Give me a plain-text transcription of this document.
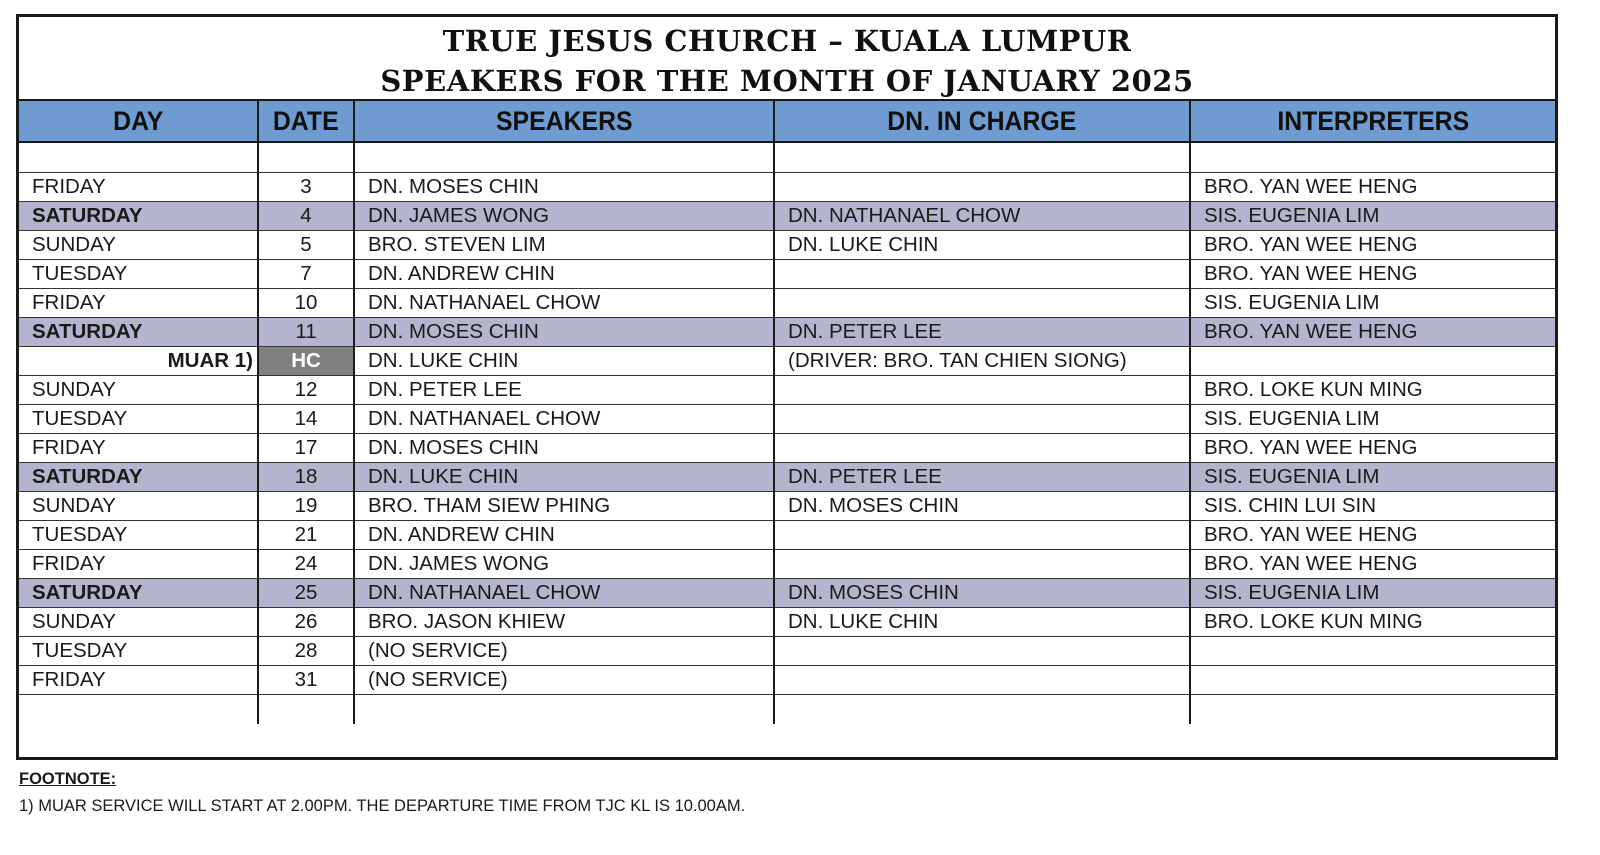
TRUE JESUS CHURCH – KUALA LUMPUR
SPEAKERS FOR THE MONTH OF JANUARY 2025
DAY	DATE	SPEAKERS	DN. IN CHARGE	INTERPRETERS

FRIDAY	3	DN. MOSES CHIN		BRO. YAN WEE HENG
SATURDAY	4	DN. JAMES WONG	DN. NATHANAEL CHOW	SIS. EUGENIA LIM
SUNDAY	5	BRO. STEVEN LIM	DN. LUKE CHIN	BRO. YAN WEE HENG
TUESDAY	7	DN. ANDREW CHIN		BRO. YAN WEE HENG
FRIDAY	10	DN. NATHANAEL CHOW		SIS. EUGENIA LIM
SATURDAY	11	DN. MOSES CHIN	DN. PETER LEE	BRO. YAN WEE HENG
MUAR 1)	HC	DN. LUKE CHIN	(DRIVER: BRO. TAN CHIEN SIONG)	
SUNDAY	12	DN. PETER LEE		BRO. LOKE KUN MING
TUESDAY	14	DN. NATHANAEL CHOW		SIS. EUGENIA LIM
FRIDAY	17	DN. MOSES CHIN		BRO. YAN WEE HENG
SATURDAY	18	DN. LUKE CHIN	DN. PETER LEE	SIS. EUGENIA LIM
SUNDAY	19	BRO. THAM SIEW PHING	DN. MOSES CHIN	SIS. CHIN LUI SIN
TUESDAY	21	DN. ANDREW CHIN		BRO. YAN WEE HENG
FRIDAY	24	DN. JAMES WONG		BRO. YAN WEE HENG
SATURDAY	25	DN. NATHANAEL CHOW	DN. MOSES CHIN	SIS. EUGENIA LIM
SUNDAY	26	BRO. JASON KHIEW	DN. LUKE CHIN	BRO. LOKE KUN MING
TUESDAY	28	(NO SERVICE)		
FRIDAY	31	(NO SERVICE)		

FOOTNOTE:
1) MUAR SERVICE WILL START AT 2.00PM. THE DEPARTURE TIME FROM TJC KL IS 10.00AM.
